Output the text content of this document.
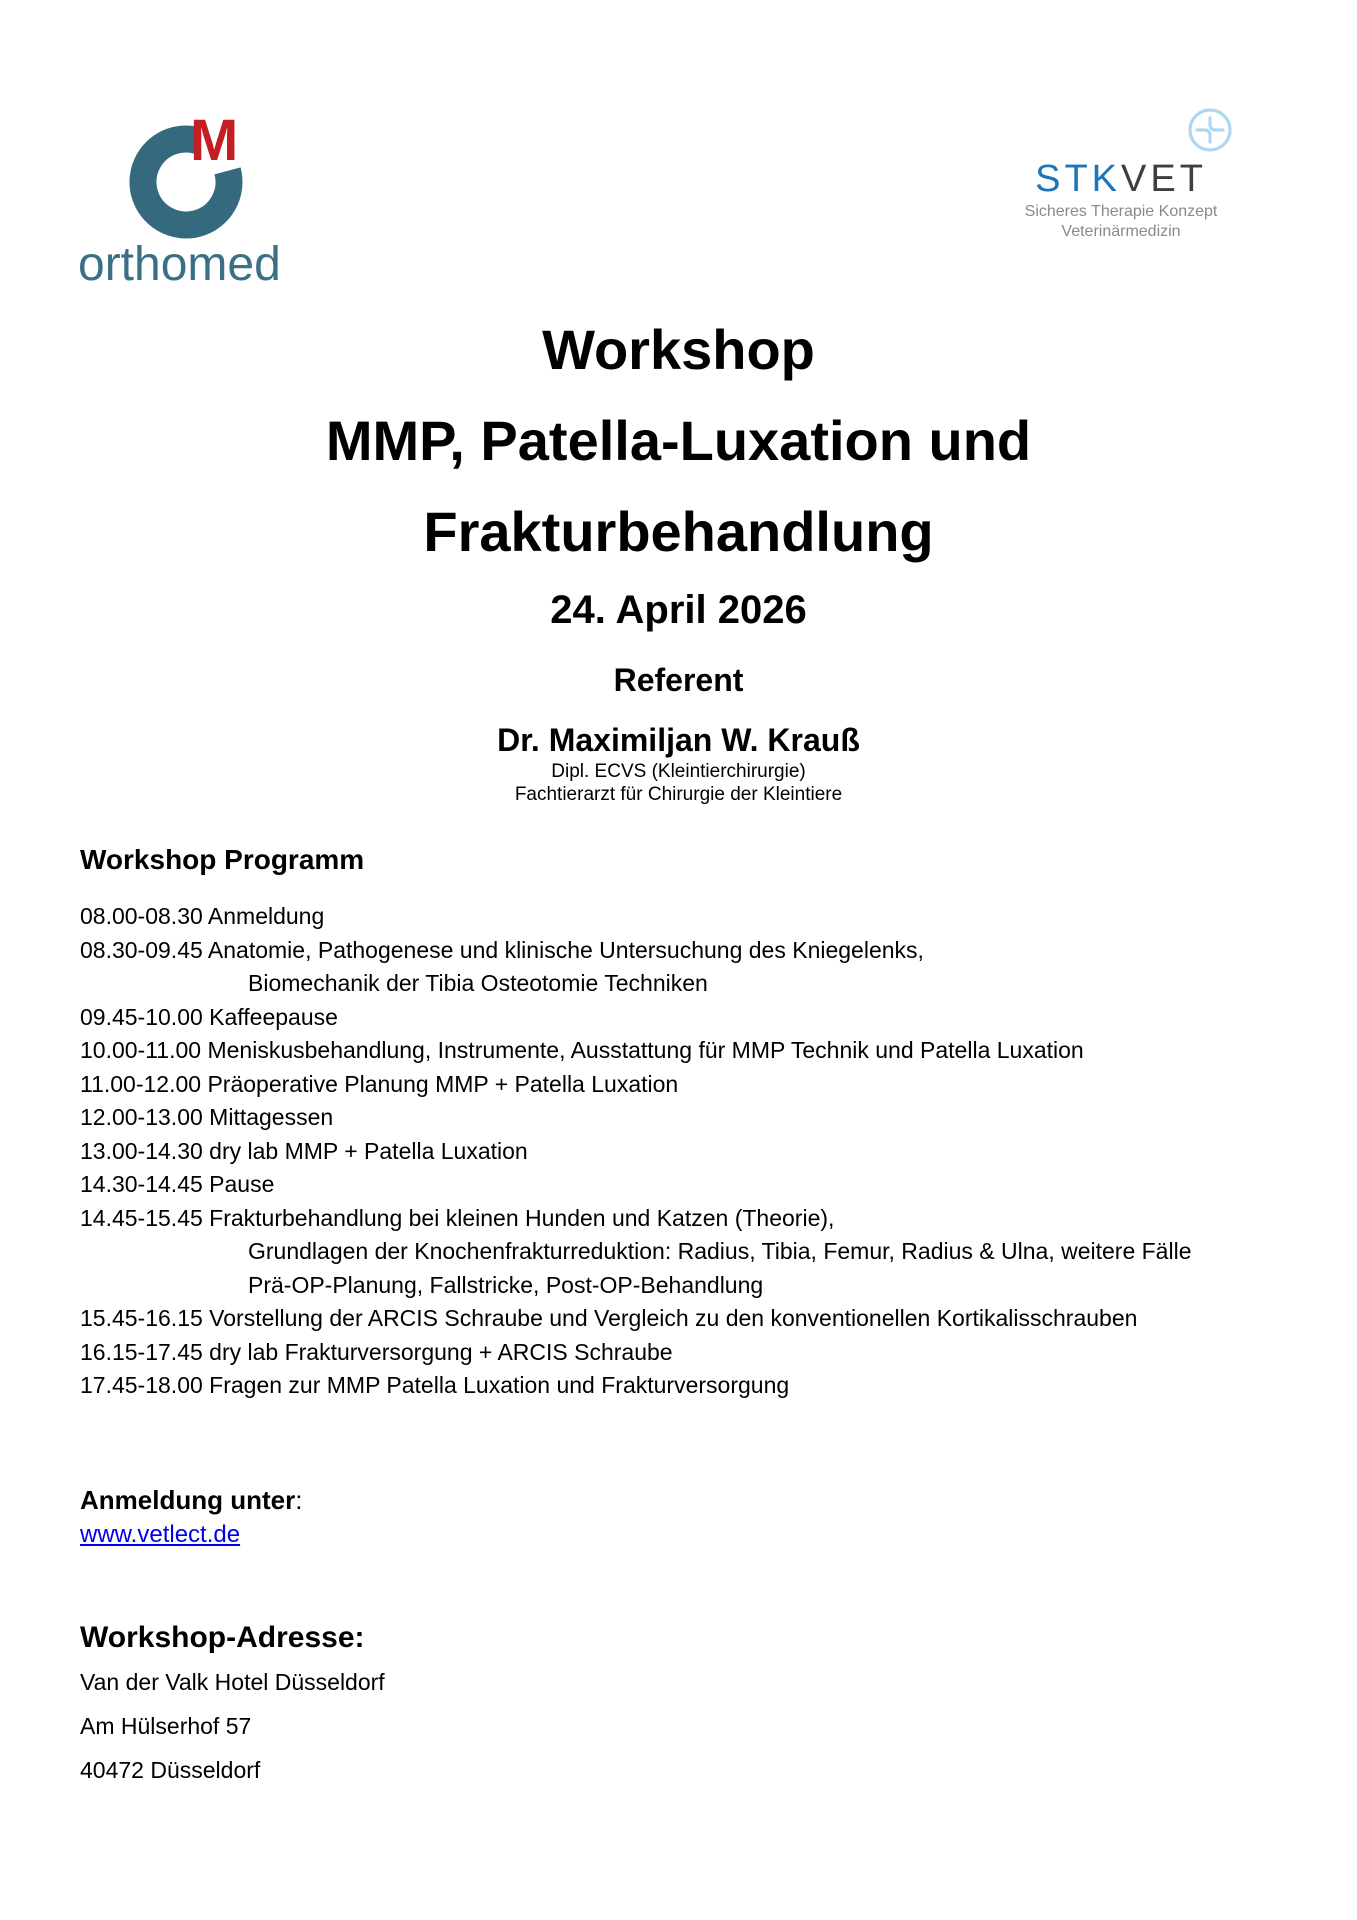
M
orthomed
STKVET
Sicheres Therapie Konzept
Veterinärmedizin
Workshop
MMP, Patella-Luxation und
Frakturbehandlung
24. April 2026
Referent
Dr. Maximiljan W. Krauß
Dipl. ECVS (Kleintierchirurgie)
Fachtierarzt für Chirurgie der Kleintiere
Workshop Programm
08.00-08.30 Anmeldung
08.30-09.45 Anatomie, Pathogenese und klinische Untersuchung des Kniegelenks,
Biomechanik der Tibia Osteotomie Techniken
09.45-10.00 Kaffeepause
10.00-11.00 Meniskusbehandlung, Instrumente, Ausstattung für MMP Technik und Patella Luxation
11.00-12.00 Präoperative Planung MMP + Patella Luxation
12.00-13.00 Mittagessen
13.00-14.30 dry lab MMP + Patella Luxation
14.30-14.45 Pause
14.45-15.45 Frakturbehandlung bei kleinen Hunden und Katzen (Theorie),
Grundlagen der Knochenfrakturreduktion: Radius, Tibia, Femur, Radius & Ulna, weitere Fälle
Prä-OP-Planung, Fallstricke, Post-OP-Behandlung
15.45-16.15 Vorstellung der ARCIS Schraube und Vergleich zu den konventionellen Kortikalisschrauben
16.15-17.45 dry lab Frakturversorgung + ARCIS Schraube
17.45-18.00 Fragen zur MMP Patella Luxation und Frakturversorgung
Anmeldung unter:
www.vetlect.de
Workshop-Adresse:
Van der Valk Hotel Düsseldorf
Am Hülserhof 57
40472 Düsseldorf
